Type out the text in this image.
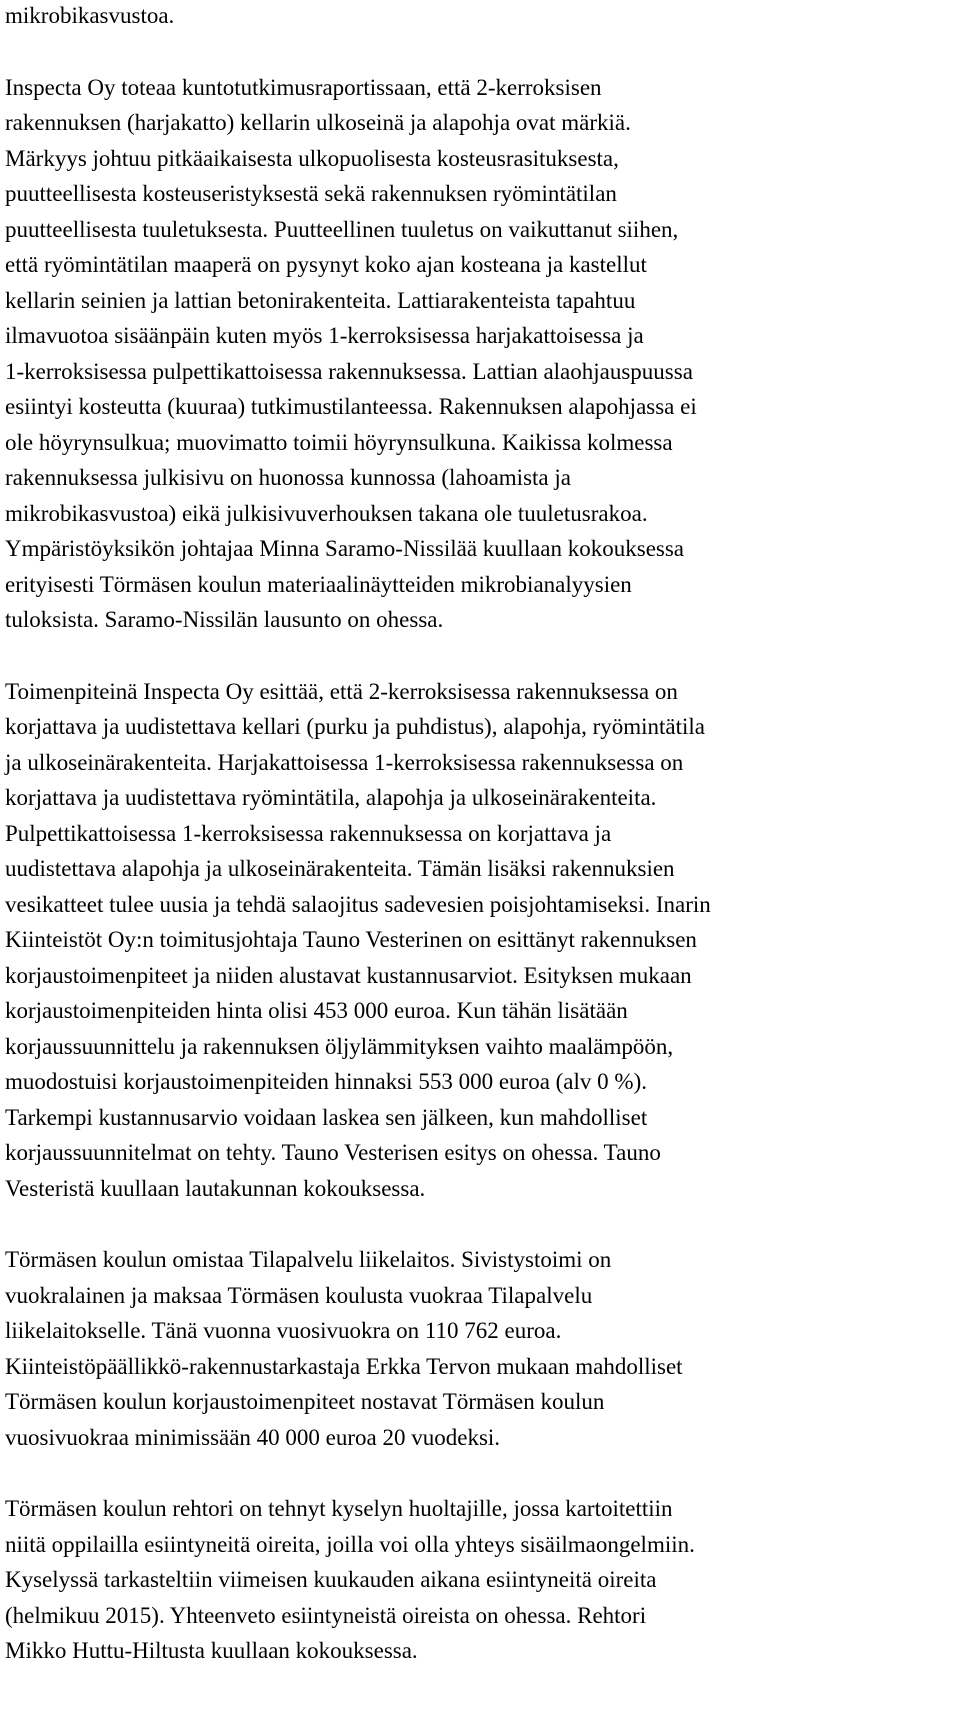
mikrobikasvustoa.

Inspecta Oy toteaa kuntotutkimusraportissaan, että 2-kerroksisen
rakennuksen (harjakatto) kellarin ulkoseinä ja alapohja ovat märkiä.
Märkyys johtuu pitkäaikaisesta ulkopuolisesta kosteusrasituksesta,
puutteellisesta kosteuseristyksestä sekä rakennuksen ryömintätilan
puutteellisesta tuuletuksesta. Puutteellinen tuuletus on vaikuttanut siihen,
että ryömintätilan maaperä on pysynyt koko ajan kosteana ja kastellut
kellarin seinien ja lattian betonirakenteita. Lattiarakenteista tapahtuu
ilmavuotoa sisäänpäin kuten myös 1-kerroksisessa harjakattoisessa ja
1-kerroksisessa pulpettikattoisessa rakennuksessa. Lattian alaohjauspuussa
esiintyi kosteutta (kuuraa) tutkimustilanteessa. Rakennuksen alapohjassa ei
ole höyrynsulkua; muovimatto toimii höyrynsulkuna. Kaikissa kolmessa
rakennuksessa julkisivu on huonossa kunnossa (lahoamista ja
mikrobikasvustoa) eikä julkisivuverhouksen takana ole tuuletusrakoa.
Ympäristöyksikön johtajaa Minna Saramo-Nissilää kuullaan kokouksessa
erityisesti Törmäsen koulun materiaalinäytteiden mikrobianalyysien
tuloksista. Saramo-Nissilän lausunto on ohessa.

Toimenpiteinä Inspecta Oy esittää, että 2-kerroksisessa rakennuksessa on
korjattava ja uudistettava kellari (purku ja puhdistus), alapohja, ryömintätila
ja ulkoseinärakenteita. Harjakattoisessa 1-kerroksisessa rakennuksessa on
korjattava ja uudistettava ryömintätila, alapohja ja ulkoseinärakenteita.
Pulpettikattoisessa 1-kerroksisessa rakennuksessa on korjattava ja
uudistettava alapohja ja ulkoseinärakenteita. Tämän lisäksi rakennuksien
vesikatteet tulee uusia ja tehdä salaojitus sadevesien poisjohtamiseksi. Inarin
Kiinteistöt Oy:n toimitusjohtaja Tauno Vesterinen on esittänyt rakennuksen
korjaustoimenpiteet ja niiden alustavat kustannusarviot. Esityksen mukaan
korjaustoimenpiteiden hinta olisi 453 000 euroa. Kun tähän lisätään
korjaussuunnittelu ja rakennuksen öljylämmityksen vaihto maalämpöön,
muodostuisi korjaustoimenpiteiden hinnaksi 553 000 euroa (alv 0 %).
Tarkempi kustannusarvio voidaan laskea sen jälkeen, kun mahdolliset
korjaussuunnitelmat on tehty. Tauno Vesterisen esitys on ohessa. Tauno
Vesteristä kuullaan lautakunnan kokouksessa.

Törmäsen koulun omistaa Tilapalvelu liikelaitos. Sivistystoimi on
vuokralainen ja maksaa Törmäsen koulusta vuokraa Tilapalvelu
liikelaitokselle. Tänä vuonna vuosivuokra on 110 762 euroa.
Kiinteistöpäällikkö-rakennustarkastaja Erkka Tervon mukaan mahdolliset
Törmäsen koulun korjaustoimenpiteet nostavat Törmäsen koulun
vuosivuokraa minimissään 40 000 euroa 20 vuodeksi.

Törmäsen koulun rehtori on tehnyt kyselyn huoltajille, jossa kartoitettiin
niitä oppilailla esiintyneitä oireita, joilla voi olla yhteys sisäilmaongelmiin.
Kyselyssä tarkasteltiin viimeisen kuukauden aikana esiintyneitä oireita
(helmikuu 2015). Yhteenveto esiintyneistä oireista on ohessa. Rehtori
Mikko Huttu-Hiltusta kuullaan kokouksessa.
